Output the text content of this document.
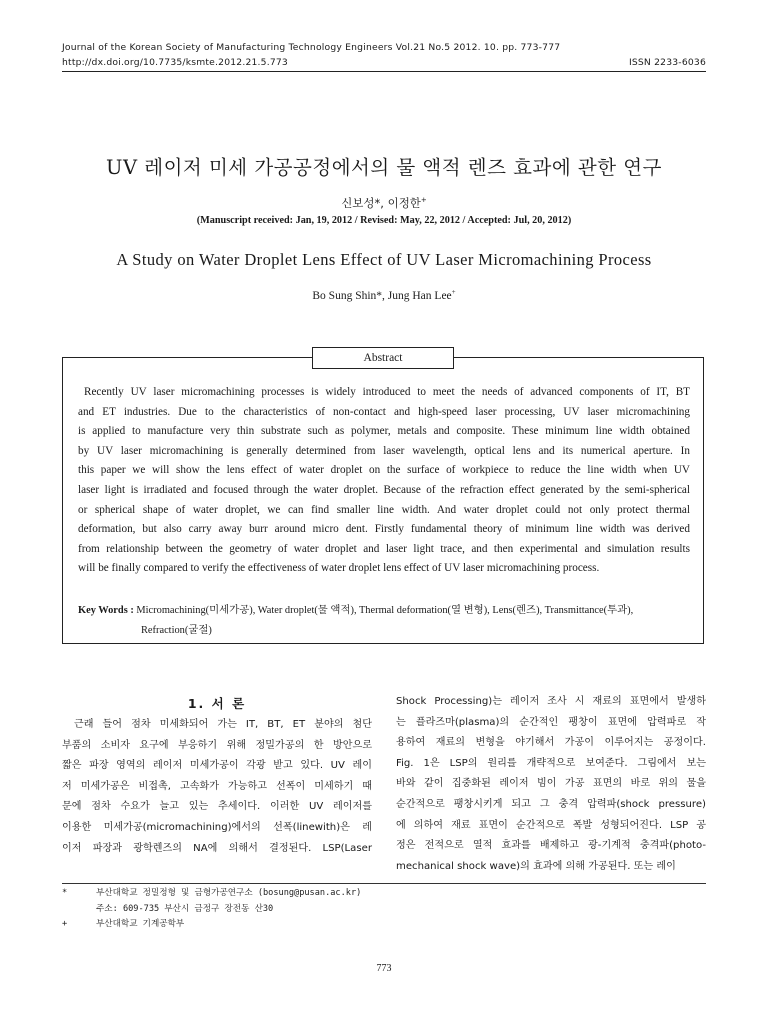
Journal of the Korean Society of Manufacturing Technology Engineers Vol.21 No.5 2012. 10. pp. 773-777
http://dx.doi.org/10.7735/ksmte.2012.21.5.773	ISSN 2233-6036
UV 레이저 미세 가공공정에서의 물 액적 렌즈 효과에 관한 연구
신보성*, 이정한+
(Manuscript received: Jan, 19, 2012 / Revised: May, 22, 2012 / Accepted: Jul, 20, 2012)
A Study on Water Droplet Lens Effect of UV Laser Micromachining Process
Bo Sung Shin*, Jung Han Lee+
Abstract
Recently UV laser micromachining processes is widely introduced to meet the needs of advanced components of IT, BT
and ET industries. Due to the characteristics of non-contact and high-speed laser processing, UV laser micromachining
is applied to manufacture very thin substrate such as polymer, metals and composite. These minimum line width obtained
by UV laser micromachining is generally determined from laser wavelength, optical lens and its numerical aperture. In
this paper we will show the lens effect of water droplet on the surface of workpiece to reduce the line width when UV
laser light is irradiated and focused through the water droplet. Because of the refraction effect generated by the semi-spherical
or spherical shape of water droplet, we can find smaller line width. And water droplet could not only protect thermal
deformation, but also carry away burr around micro dent. Firstly fundamental theory of minimum line width was derived
from relationship between the geometry of water droplet and laser light trace, and then experimental and simulation results
will be finally compared to verify the effectiveness of water droplet lens effect of UV laser micromachining process.
Key Words : Micromachining(미세가공), Water droplet(물 액적), Thermal deformation(열 변형), Lens(렌즈), Transmittance(투과),
Refraction(굴절)
1. 서 론
근래 들어 점차 미세화되어 가는 IT, BT, ET 분야의 첨단
부품의 소비자 요구에 부응하기 위해 정밀가공의 한 방안으로
짧은 파장 영역의 레이저 미세가공이 각광 받고 있다. UV 레이
저 미세가공은 비접촉, 고속화가 가능하고 선폭이 미세하기 때
문에 점차 수요가 늘고 있는 추세이다. 이러한 UV 레이저를
이용한 미세가공(micromachining)에서의 선폭(linewith)은 레
이저 파장과 광학렌즈의 NA에 의해서 결정된다. LSP(Laser
Shock Processing)는 레이저 조사 시 재료의 표면에서 발생하
는 플라즈마(plasma)의 순간적인 팽창이 표면에 압력파로 작
용하여 재료의 변형을 야기해서 가공이 이루어지는 공정이다.
Fig. 1은 LSP의 원리를 개략적으로 보여준다. 그림에서 보는
바와 같이 집중화된 레이저 빔이 가공 표면의 바로 위의 물을
순간적으로 팽창시키게 되고 그 충격 압력파(shock pressure)
에 의하여 재료 표면이 순간적으로 폭발 성형되어진다. LSP 공
정은 전적으로 열적 효과를 배제하고 광-기계적 충격파(photo-
mechanical shock wave)의 효과에 의해 가공된다. 또는 레이
*	부산대학교 정밀정형 및 금형가공연구소 (bosung@pusan.ac.kr)
주소: 609-735 부산시 금정구 장전동 산30
+	부산대학교 기계공학부
773
